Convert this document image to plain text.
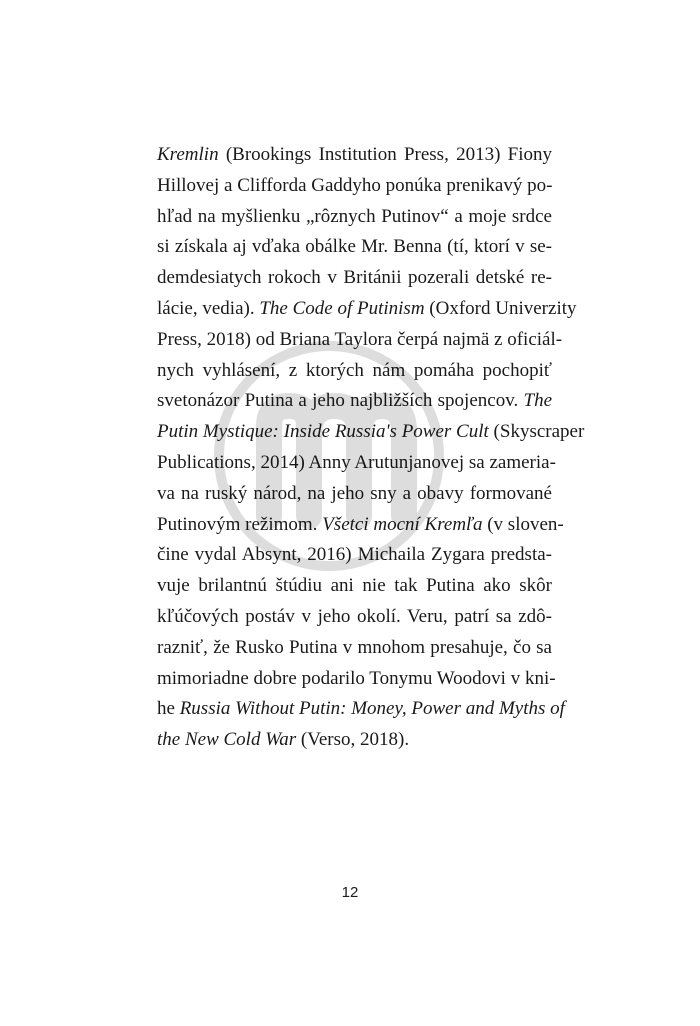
Kremlin (Brookings Institution Press, 2013) Fiony
Hillovej a Clifforda Gaddyho ponúka prenikavý po-
hľad na myšlienku „rôznych Putinov“ a moje srdce
si získala aj vďaka obálke Mr. Benna (tí, ktorí v se-
demdesiatych rokoch v Británii pozerali detské re-
lácie, vedia). The Code of Putinism (Oxford Univerzity
Press, 2018) od Briana Taylora čerpá najmä z oficiál-
nych vyhlásení, z ktorých nám pomáha pochopiť
svetonázor Putina a jeho najbližších spojencov. The
Putin Mystique: Inside Russia's Power Cult (Skyscraper
Publications, 2014) Anny Arutunjanovej sa zameria-
va na ruský národ, na jeho sny a obavy formované
Putinovým režimom. Všetci mocní Kremľa (v sloven-
čine vydal Absynt, 2016) Michaila Zygara predsta-
vuje brilantnú štúdiu ani nie tak Putina ako skôr
kľúčových postáv v jeho okolí. Veru, patrí sa zdô-
razniť, že Rusko Putina v mnohom presahuje, čo sa
mimoriadne dobre podarilo Tonymu Woodovi v kni-
he Russia Without Putin: Money, Power and Myths of
the New Cold War (Verso, 2018).
12
